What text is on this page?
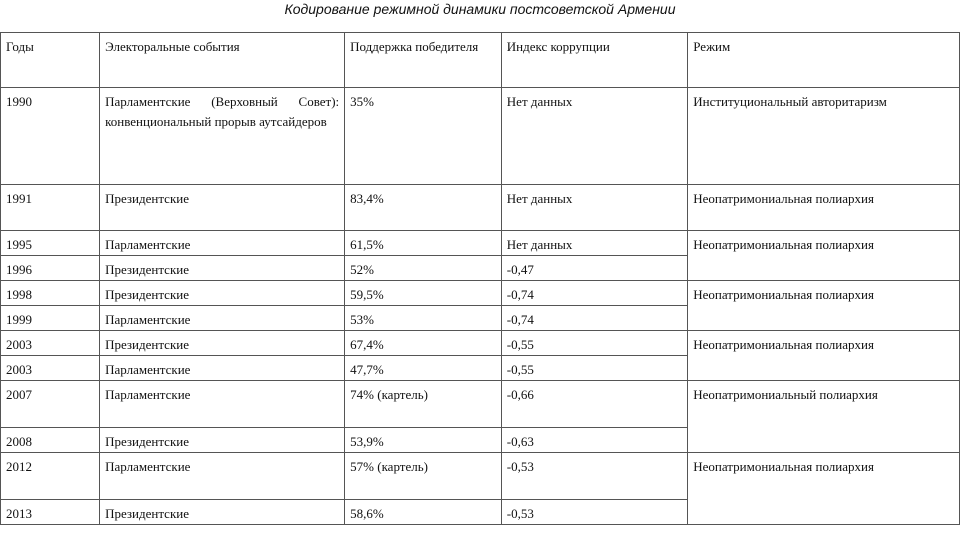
Кодирование режимной динамики постсоветской Армении
Годы	Электоральные события	Поддержка победителя	Индекс коррупции	Режим
1990	Парламентские (Верховный Совет): конвенциональный прорыв аутсайдеров	35%	Нет данных	Институциональный авторитаризм
1991	Президентские	83,4%	Нет данных	Неопатримониальная полиархия
1995	Парламентские	61,5%	Нет данных	Неопатримониальная полиархия
1996	Президентские	52%	-0,47	
1998	Президентские	59,5%	-0,74	Неопатримониальная полиархия
1999	Парламентские	53%	-0,74	
2003	Президентские	67,4%	-0,55	Неопатримониальная полиархия
2003	Парламентские	47,7%	-0,55	
2007	Парламентские	74% (картель)	-0,66	Неопатримониальный полиархия
2008	Президентские	53,9%	-0,63	
2012	Парламентские	57% (картель)	-0,53	Неопатримониальная полиархия
2013	Президентские	58,6%	-0,53	
